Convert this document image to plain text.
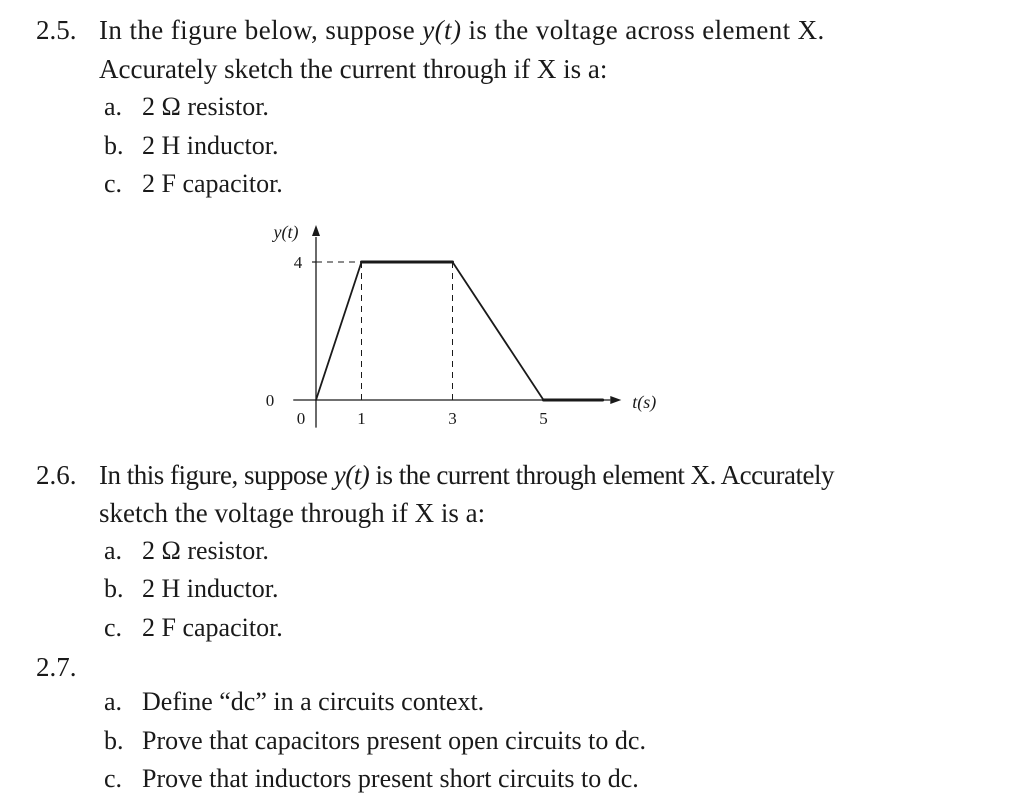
2.5. In the figure below, suppose y(t) is the voltage across element X.
Accurately sketch the current through if X is a:
a. 2 Ω resistor.
b. 2 H inductor.
c. 2 F capacitor.
0	1	3	5
0
4
y(t)
t(s)
2.6. In this figure, suppose y(t) is the current through element X. Accurately
sketch the voltage through if X is a:
a. 2 Ω resistor.
b. 2 H inductor.
c. 2 F capacitor.
2.7.
a. Define “dc” in a circuits context.
b. Prove that capacitors present open circuits to dc.
c. Prove that inductors present short circuits to dc.
